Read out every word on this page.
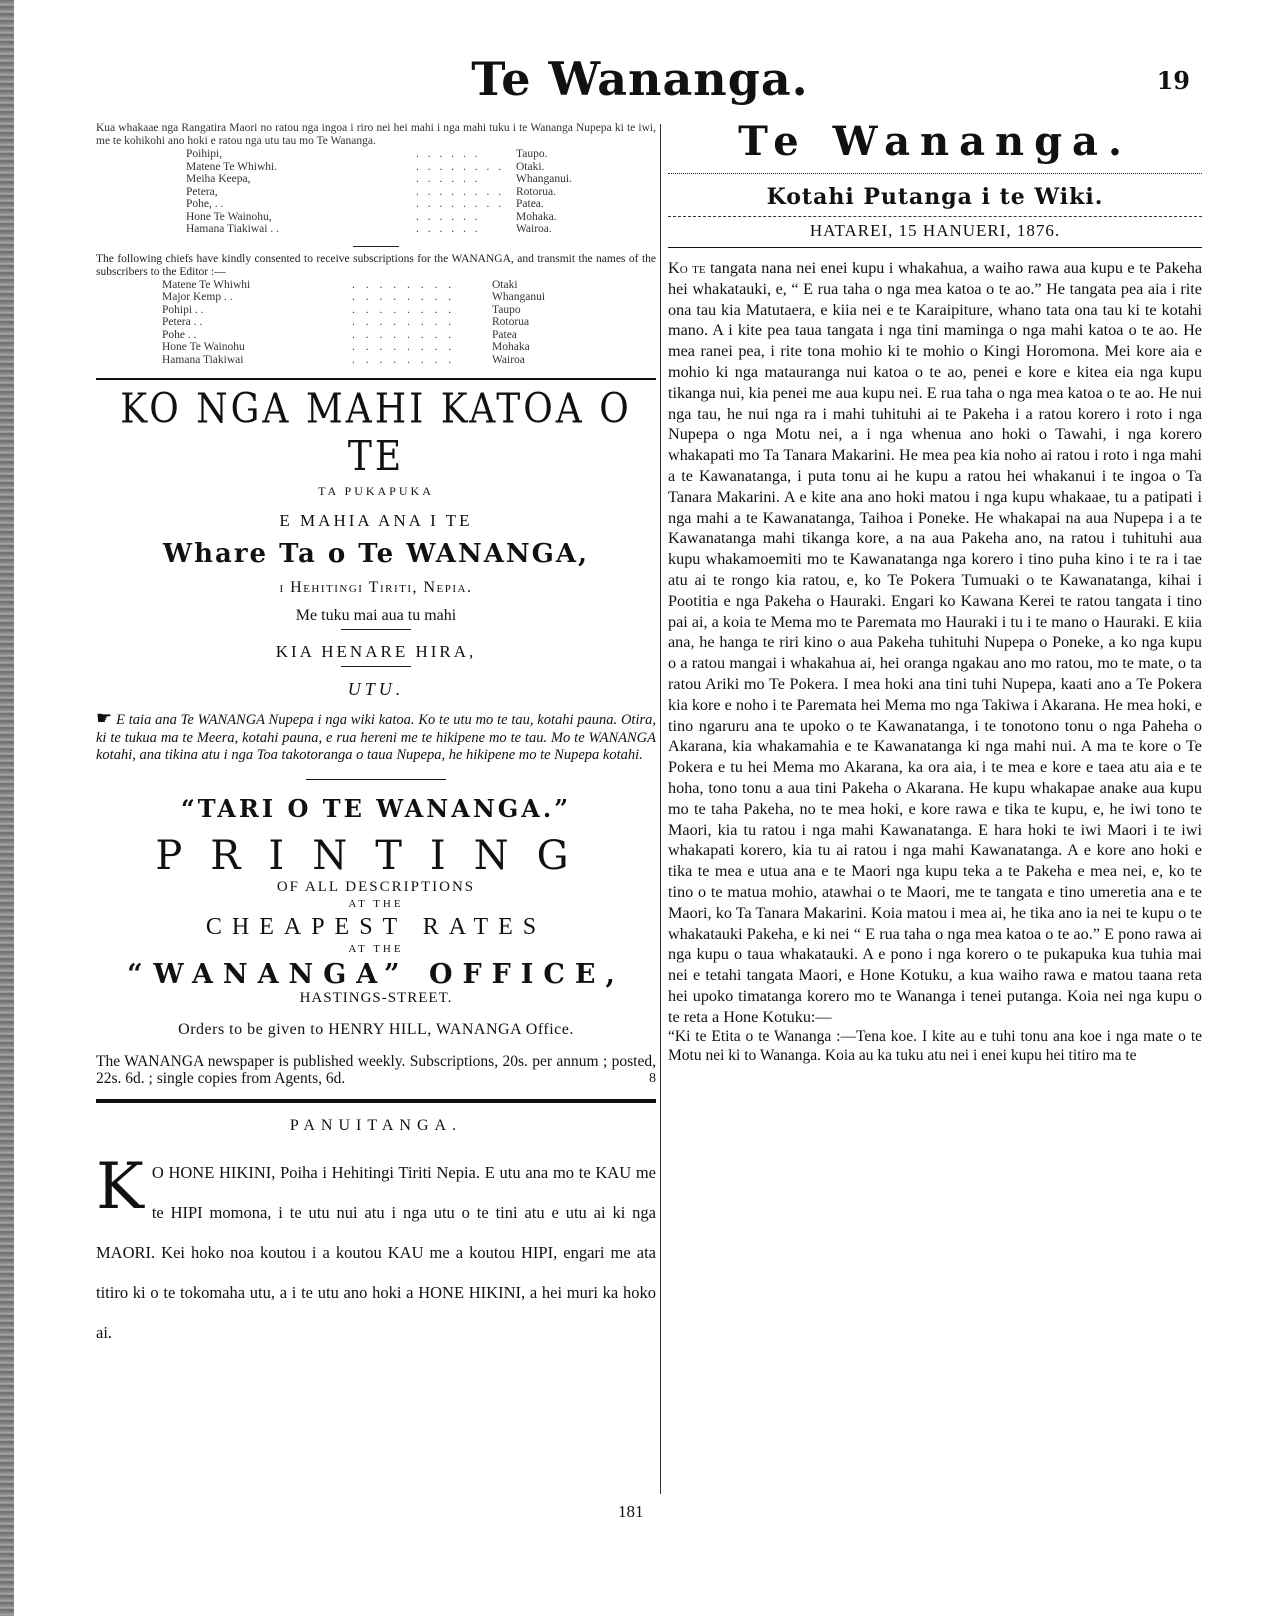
Te Wananga.	19
Kua whakaae nga Rangatira Maori no ratou nga ingoa i riro nei hei mahi i nga mahi tuku i te Wananga Nupepa ki te iwi, me te kohikohi ano hoki e ratou nga utu tau mo Te Wananga.
Poihipi,	. . . . . .	Taupo.
Matene Te Whiwhi.	. . . . . . . .	Otaki.
Meiha Keepa,	. . . . . .	Whanganui.
Petera,	. . . . . . . .	Rotorua.
Pohe, . .	. . . . . . . .	Patea.
Hone Te Wainohu,	. . . . . .	Mohaka.
Hamana Tiakiwai . .	. . . . . .	Wairoa.
The following chiefs have kindly consented to receive subscriptions for the WANANGA, and transmit the names of the subscribers to the Editor :—
Matene Te Whiwhi	. . . . . . . .	Otaki
Major Kemp . .	. . . . . . . .	Whanganui
Pohipi . .	. . . . . . . .	Taupo
Petera . .	. . . . . . . .	Rotorua
Pohe . .	. . . . . . . .	Patea
Hone Te Wainohu	. . . . . . . .	Mohaka
Hamana Tiakiwai	. . . . . . . .	Wairoa
KO NGA MAHI KATOA O TE
TA PUKAPUKA
E MAHIA ANA I TE
Whare Ta o Te WANANGA,
i Hehitingi Tiriti, Nepia.
Me tuku mai aua tu mahi
KIA HENARE HIRA,
UTU.
☛ E taia ana Te WANANGA Nupepa i nga wiki katoa. Ko te utu mo te tau, kotahi pauna. Otira, ki te tukua ma te Meera, kotahi pauna, e rua hereni me te hikipene mo te tau. Mo te WANANGA kotahi, ana tikina atu i nga Toa takotoranga o taua Nupepa, he hikipene mo te Nupepa kotahi.
“TARI O TE WANANGA.”
PRINTING
OF ALL DESCRIPTIONS
AT THE
CHEAPEST RATES
AT THE
“WANANGA” OFFICE,
HASTINGS-STREET.
Orders to be given to HENRY HILL, WANANGA Office.
The WANANGA newspaper is published weekly. Subscriptions, 20s. per annum ; posted, 22s. 6d. ; single copies from Agents, 6d.	8
PANUITANGA.
K O HONE HIKINI, Poiha i Hehitingi Tiriti Nepia. E utu ana mo te KAU me te HIPI momona, i te utu nui atu i nga utu o te tini atu e utu ai ki nga MAORI. Kei hoko noa koutou i a koutou KAU me a koutou HIPI, engari me ata titiro ki o te tokomaha utu, a i te utu ano hoki a HONE HIKINI, a hei muri ka hoko ai.
181
Te Wananga.
Kotahi Putanga i te Wiki.
HATAREI, 15 HANUERI, 1876.
Ko te tangata nana nei enei kupu i whakahua, a waiho rawa aua kupu e te Pakeha hei whakatauki, e, “ E rua taha o nga mea katoa o te ao.” He tangata pea aia i rite ona tau kia Matutaera, e kiia nei e te Karaipiture, whano tata ona tau ki te kotahi mano. A i kite pea taua tangata i nga tini maminga o nga mahi katoa o te ao. He mea ranei pea, i rite tona mohio ki te mohio o Kingi Horomona. Mei kore aia e mohio ki nga matauranga nui katoa o te ao, penei e kore e kitea eia nga kupu tikanga nui, kia penei me aua kupu nei. E rua taha o nga mea katoa o te ao. He nui nga tau, he nui nga ra i mahi tuhituhi ai te Pakeha i a ratou korero i roto i nga Nupepa o nga Motu nei, a i nga whenua ano hoki o Tawahi, i nga korero whakapati mo Ta Tanara Makarini. He mea pea kia noho ai ratou i roto i nga mahi a te Kawanatanga, i puta tonu ai he kupu a ratou hei whakanui i te ingoa o Ta Tanara Makarini. A e kite ana ano hoki matou i nga kupu whakaae, tu a patipati i nga mahi a te Kawanatanga, Taihoa i Poneke. He whakapai na aua Nupepa i a te Kawanatanga mahi tikanga kore, a na aua Pakeha ano, na ratou i tuhituhi aua kupu whakamoemiti mo te Kawanatanga nga korero i tino puha kino i te ra i tae atu ai te rongo kia ratou, e, ko Te Pokera Tumuaki o te Kawanatanga, kihai i Pootitia e nga Pakeha o Hauraki. Engari ko Kawana Kerei te ratou tangata i tino pai ai, a koia te Mema mo te Paremata mo Hauraki i tu i te mano o Hauraki. E kiia ana, he hanga te riri kino o aua Pakeha tuhituhi Nupepa o Poneke, a ko nga kupu o a ratou mangai i whakahua ai, hei oranga ngakau ano mo ratou, mo te mate, o ta ratou Ariki mo Te Pokera. I mea hoki ana tini tuhi Nupepa, kaati ano a Te Pokera kia kore e noho i te Paremata hei Mema mo nga Takiwa i Akarana. He mea hoki, e tino ngaruru ana te upoko o te Kawanatanga, i te tonotono tonu o nga Paheha o Akarana, kia whakamahia e te Kawanatanga ki nga mahi nui. A ma te kore o Te Pokera e tu hei Mema mo Akarana, ka ora aia, i te mea e kore e taea atu aia e te hoha, tono tonu a aua tini Pakeha o Akarana. He kupu whakapae anake aua kupu mo te taha Pakeha, no te mea hoki, e kore rawa e tika te kupu, e, he iwi tono te Maori, kia tu ratou i nga mahi Kawanatanga. E hara hoki te iwi Maori i te iwi whakapati korero, kia tu ai ratou i nga mahi Kawanatanga. A e kore ano hoki e tika te mea e utua ana e te Maori nga kupu teka a te Pakeha e mea nei, e, ko te tino o te matua mohio, atawhai o te Maori, me te tangata e tino umeretia ana e te Maori, ko Ta Tanara Makarini. Koia matou i mea ai, he tika ano ia nei te kupu o te whakatauki Pakeha, e ki nei “ E rua taha o nga mea katoa o te ao.” E pono rawa ai nga kupu o taua whakatauki. A e pono i nga korero o te pukapuka kua tuhia mai nei e tetahi tangata Maori, e Hone Kotuku, a kua waiho rawa e matou taana reta hei upoko timatanga korero mo te Wananga i tenei putanga. Koia nei nga kupu o te reta a Hone Kotuku:—
“Ki te Etita o te Wananga :—Tena koe. I kite au e tuhi tonu ana koe i nga mate o te Motu nei ki to Wananga. Koia au ka tuku atu nei i enei kupu hei titiro ma te
